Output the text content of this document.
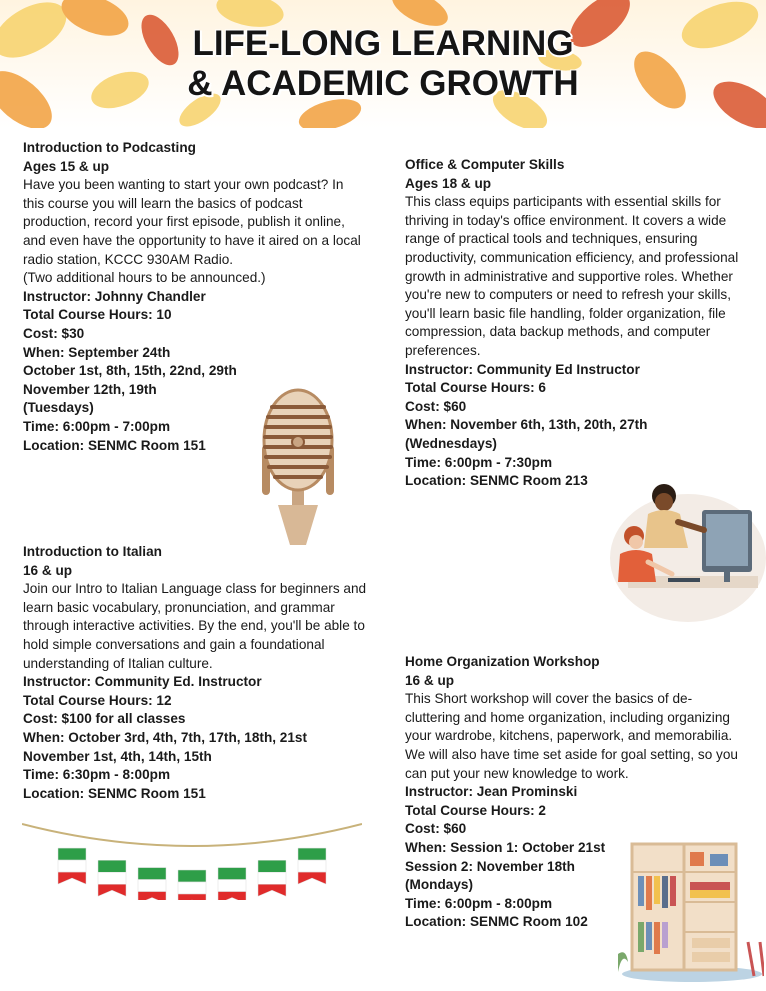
LIFE-LONG LEARNING
& ACADEMIC GROWTH
Introduction to Podcasting
Ages 15 & up
Have you been wanting to start your own podcast? In this course you will learn the basics of podcast production, record your first episode, publish it online, and even have the opportunity to have it aired on a local radio station, KCCC 930AM Radio.
(Two additional hours to be announced.)
Instructor: Johnny Chandler
Total Course Hours: 10
Cost: $30
When: September 24th
October 1st, 8th, 15th, 22nd, 29th
November 12th, 19th
(Tuesdays)
Time: 6:00pm - 7:00pm
Location: SENMC Room 151
Office & Computer Skills
Ages 18 & up
This class equips participants with essential skills for thriving in today's office environment. It covers a wide range of practical tools and techniques, ensuring productivity, communication efficiency, and professional growth in administrative and supportive roles. Whether you're new to computers or need to refresh your skills, you'll learn basic file handling, folder organization, file compression, data backup methods, and computer preferences.
Instructor: Community Ed Instructor
Total Course Hours: 6
Cost: $60
When: November 6th, 13th, 20th, 27th
(Wednesdays)
Time: 6:00pm - 7:30pm
Location: SENMC Room 213
Introduction to Italian
16 & up
Join our Intro to Italian Language class for beginners and learn basic vocabulary, pronunciation, and grammar through interactive activities. By the end, you'll be able to hold simple conversations and gain a foundational understanding of Italian culture.
Instructor: Community Ed. Instructor
Total Course Hours: 12
Cost: $100 for all classes
When: October 3rd, 4th, 7th, 17th, 18th, 21st
November 1st, 4th, 14th, 15th
Time: 6:30pm - 8:00pm
Location: SENMC Room 151
Home Organization Workshop
16 & up
This Short workshop will cover the basics of de-cluttering and home organization, including organizing your wardrobe, kitchens, paperwork, and memorabilia. We will also have time set aside for goal setting, so you can put your new knowledge to work.
Instructor: Jean Prominski
Total Course Hours: 2
Cost: $60
When: Session 1: October 21st
Session 2: November 18th
(Mondays)
Time: 6:00pm - 8:00pm
Location: SENMC Room 102
